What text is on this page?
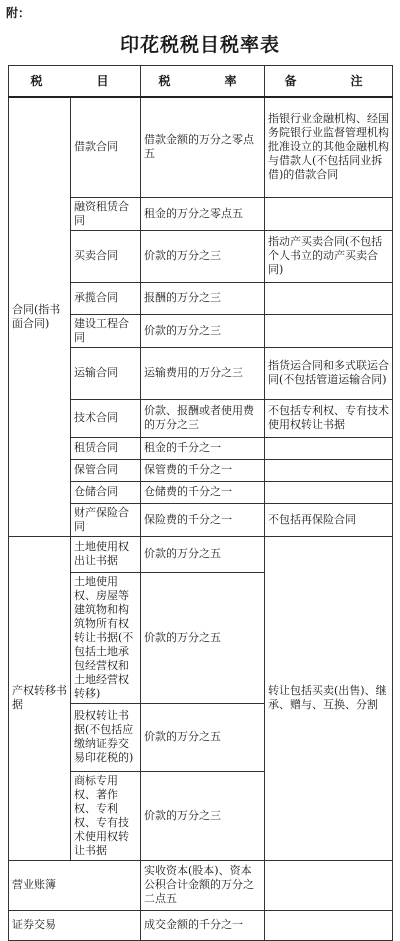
附：
印花税税目税率表
税　　目		税　　率	备　　注
合同(指书面合同)	借款合同	借款金额的万分之零点五	指银行业金融机构、经国务院银行业监督管理机构批准设立的其他金融机构与借款人(不包括同业拆借)的借款合同
	融资租赁合同	租金的万分之零点五	
	买卖合同	价款的万分之三	指动产买卖合同(不包括个人书立的动产买卖合同)
	承揽合同	报酬的万分之三	
	建设工程合同	价款的万分之三	
	运输合同	运输费用的万分之三	指货运合同和多式联运合同(不包括管道运输合同)
	技术合同	价款、报酬或者使用费的万分之三	不包括专利权、专有技术使用权转让书据
	租赁合同	租金的千分之一	
	保管合同	保管费的千分之一	
	仓储合同	仓储费的千分之一	
	财产保险合同	保险费的千分之一	不包括再保险合同
产权转移书据	土地使用权出让书据	价款的万分之五	转让包括买卖(出售)、继承、赠与、互换、分割
	土地使用权、房屋等建筑物和构筑物所有权转让书据(不包括土地承包经营权和土地经营权转移)	价款的万分之五	
	股权转让书据(不包括应缴纳证券交易印花税的)	价款的万分之五	
	商标专用权、著作权、专利权、专有技术使用权转让书据	价款的万分之三	
营业账簿		实收资本(股本)、资本公积合计金额的万分之二点五	
证券交易		成交金额的千分之一	
